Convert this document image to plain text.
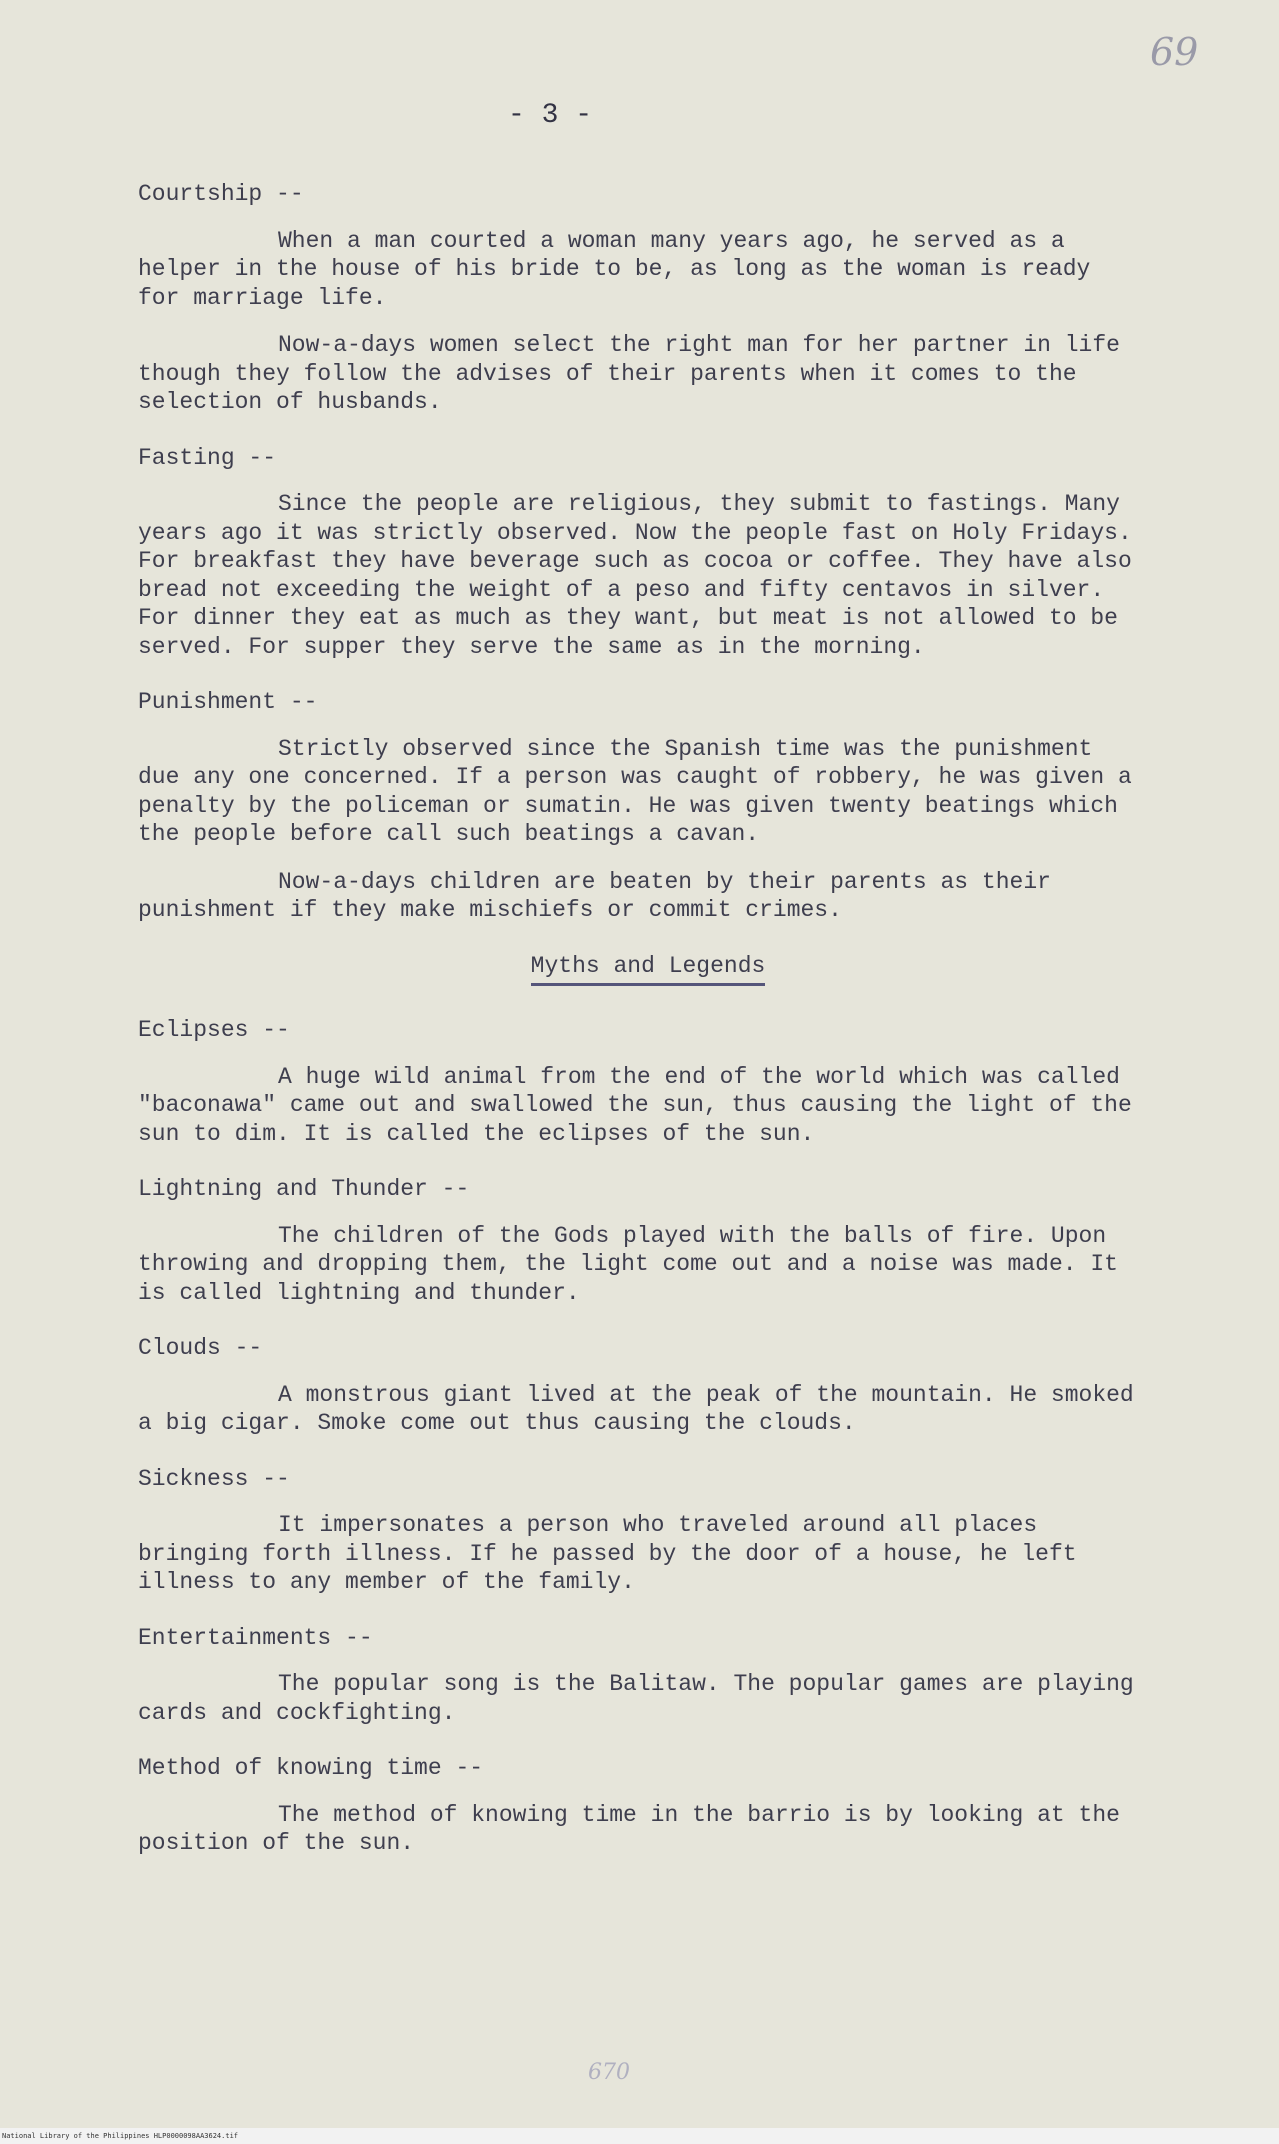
69
- 3 -
Courtship --
When a man courted a woman many years ago, he served as a helper in the house of his bride to be, as long as the woman is ready for marriage life.
Now-a-days women select the right man for her partner in life though they follow the advises of their parents when it comes to the selection of husbands.
Fasting --
Since the people are religious, they submit to fastings. Many years ago it was strictly observed. Now the people fast on Holy Fridays. For breakfast they have beverage such as cocoa or coffee. They have also bread not exceeding the weight of a peso and fifty centavos in silver. For dinner they eat as much as they want, but meat is not allowed to be served. For supper they serve the same as in the morning.
Punishment --
Strictly observed since the Spanish time was the punishment due any one concerned. If a person was caught of robbery, he was given a penalty by the policeman or sumatin. He was given twenty beatings which the people before call such beatings a cavan.
Now-a-days children are beaten by their parents as their punishment if they make mischiefs or commit crimes.
Myths and Legends
Eclipses --
A huge wild animal from the end of the world which was called "baconawa" came out and swallowed the sun, thus causing the light of the sun to dim. It is called the eclipses of the sun.
Lightning and Thunder --
The children of the Gods played with the balls of fire. Upon throwing and dropping them, the light come out and a noise was made. It is called lightning and thunder.
Clouds --
A monstrous giant lived at the peak of the mountain. He smoked a big cigar. Smoke come out thus causing the clouds.
Sickness --
It impersonates a person who traveled around all places bringing forth illness. If he passed by the door of a house, he left illness to any member of the family.
Entertainments --
The popular song is the Balitaw. The popular games are playing cards and cockfighting.
Method of knowing time --
The method of knowing time in the barrio is by looking at the position of the sun.
670
National Library of the Philippines HLP0000098AA3624.tif
